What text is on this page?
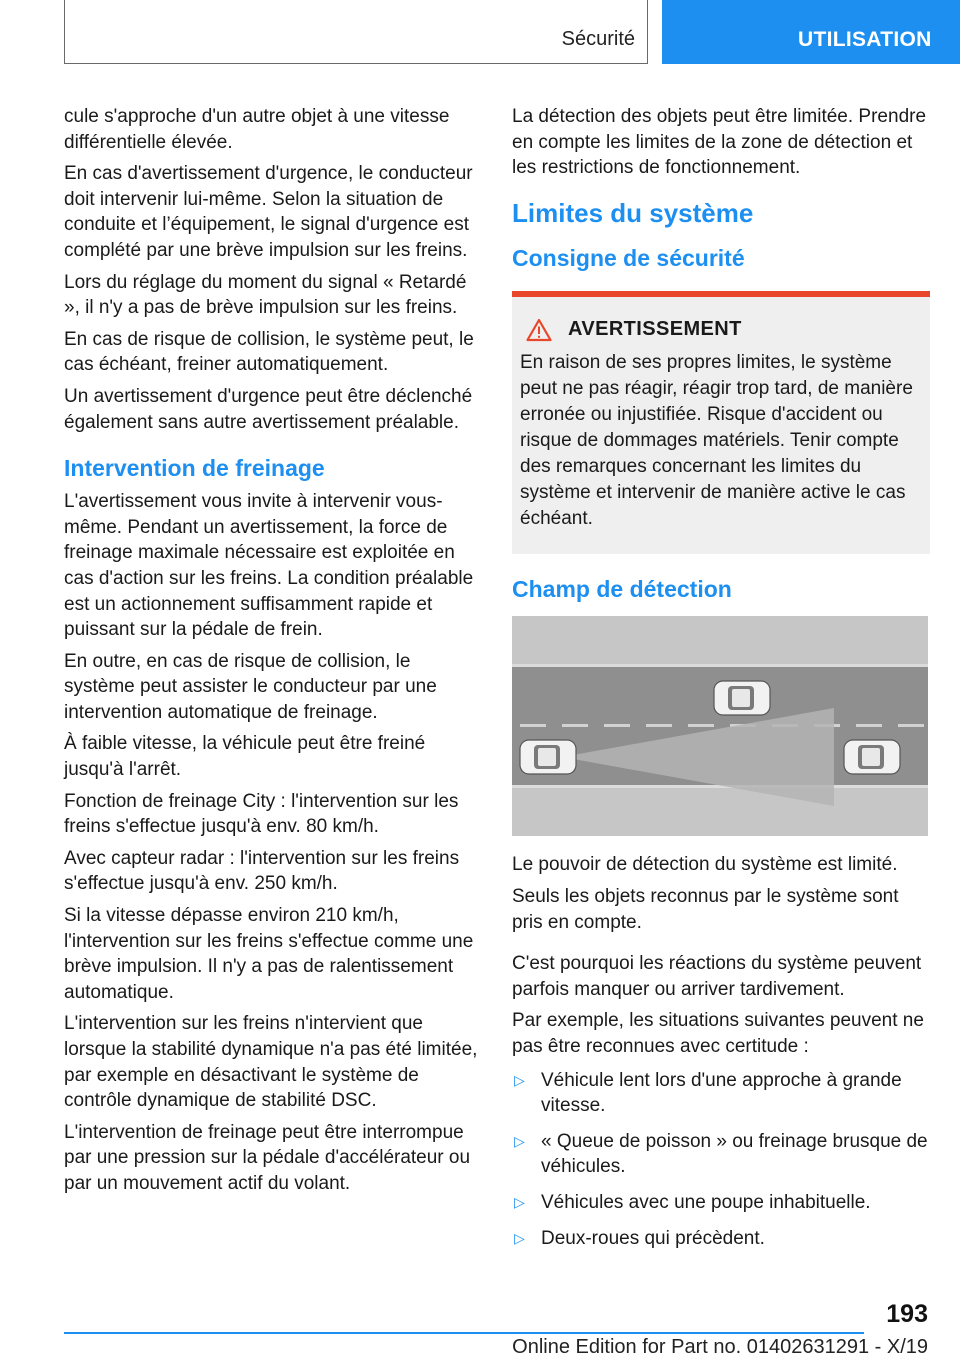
Sécurité	UTILISATION

cule s'approche d'un autre objet à une vitesse différentielle élevée.

En cas d'avertissement d'urgence, le conducteur doit intervenir lui-même. Selon la situation de conduite et l’équipement, le signal d'urgence est complété par une brève impulsion sur les freins.

Lors du réglage du moment du signal « Retardé », il n'y a pas de brève impulsion sur les freins.

En cas de risque de collision, le système peut, le cas échéant, freiner automatiquement.

Un avertissement d'urgence peut être déclenché également sans autre avertissement préalable.

Intervention de freinage

L'avertissement vous invite à intervenir vous-même. Pendant un avertissement, la force de freinage maximale nécessaire est exploitée en cas d'action sur les freins. La condition préalable est un actionnement suffisamment rapide et puissant sur la pédale de frein.

En outre, en cas de risque de collision, le système peut assister le conducteur par une intervention automatique de freinage.

À faible vitesse, la véhicule peut être freiné jusqu'à l'arrêt.

Fonction de freinage City : l'intervention sur les freins s'effectue jusqu'à env. 80 km/h.

Avec capteur radar : l'intervention sur les freins s'effectue jusqu'à env. 250 km/h.

Si la vitesse dépasse environ 210 km/h, l'intervention sur les freins s'effectue comme une brève impulsion. Il n'y a pas de ralentissement automatique.

L'intervention sur les freins n'intervient que lorsque la stabilité dynamique n'a pas été limitée, par exemple en désactivant le système de contrôle dynamique de stabilité DSC.

L'intervention de freinage peut être interrompue par une pression sur la pédale d'accélérateur ou par un mouvement actif du volant.

La détection des objets peut être limitée. Prendre en compte les limites de la zone de détection et les restrictions de fonctionnement.

Limites du système
Consigne de sécurité
AVERTISSEMENT
En raison de ses propres limites, le système peut ne pas réagir, réagir trop tard, de manière erronée ou injustifiée. Risque d'accident ou risque de dommages matériels. Tenir compte des remarques concernant les limites du système et intervenir de manière active le cas échéant.
Champ de détection

Le pouvoir de détection du système est limité.

Seuls les objets reconnus par le système sont pris en compte.

C'est pourquoi les réactions du système peuvent parfois manquer ou arriver tardivement.

Par exemple, les situations suivantes peuvent ne pas être reconnues avec certitude :

▷ Véhicule lent lors d'une approche à grande vitesse.
▷ « Queue de poisson » ou freinage brusque de véhicules.
▷ Véhicules avec une poupe inhabituelle.
▷ Deux-roues qui précèdent.
193
Online Edition for Part no. 01402631291 - X/19
